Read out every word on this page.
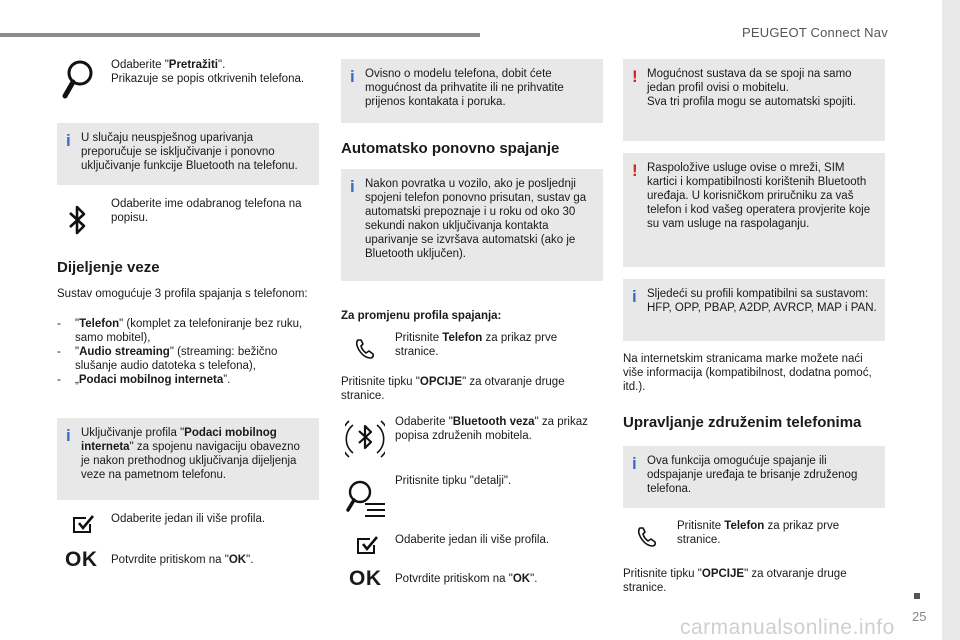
PEUGEOT Connect Nav
25
carmanualsonline.info
Odaberite "Pretražiti".
Prikazuje se popis otkrivenih telefona.
i U slučaju neuspješnog uparivanja preporučuje se isključivanje i ponovno uključivanje funkcije Bluetooth na telefonu.
Odaberite ime odabranog telefona na popisu.
Dijeljenje veze
Sustav omogućuje 3 profila spajanja s telefonom:
- "Telefon" (komplet za telefoniranje bez ruku, samo mobitel),
- "Audio streaming" (streaming: bežično slušanje audio datoteka s telefona),
- „Podaci mobilnog interneta”.
i Uključivanje profila "Podaci mobilnog interneta" za spojenu navigaciju obavezno je nakon prethodnog uključivanja dijeljenja veze na pametnom telefonu.
Odaberite jedan ili više profila.
OK Potvrdite pritiskom na "OK".
i Ovisno o modelu telefona, dobit ćete mogućnost da prihvatite ili ne prihvatite prijenos kontakata i poruka.
Automatsko ponovno spajanje
i Nakon povratka u vozilo, ako je posljednji spojeni telefon ponovno prisutan, sustav ga automatski prepoznaje i u roku od oko 30 sekundi nakon uključivanja kontakta uparivanje se izvršava automatski (ako je Bluetooth uključen).
Za promjenu profila spajanja:
Pritisnite Telefon za prikaz prve stranice.
Pritisnite tipku "OPCIJE" za otvaranje druge stranice.
Odaberite "Bluetooth veza" za prikaz popisa združenih mobitela.
Pritisnite tipku "detalji".
Odaberite jedan ili više profila.
OK Potvrdite pritiskom na "OK".
! Mogućnost sustava da se spoji na samo jedan profil ovisi o mobitelu.
Sva tri profila mogu se automatski spojiti.
! Raspoložive usluge ovise o mreži, SIM kartici i kompatibilnosti korištenih Bluetooth uređaja. U korisničkom priručniku za vaš telefon i kod vašeg operatera provjerite koje su vam usluge na raspolaganju.
i Sljedeći su profili kompatibilni sa sustavom: HFP, OPP, PBAP, A2DP, AVRCP, MAP i PAN.
Na internetskim stranicama marke možete naći više informacija (kompatibilnost, dodatna pomoć, itd.).
Upravljanje združenim telefonima
i Ova funkcija omogućuje spajanje ili odspajanje uređaja te brisanje združenog telefona.
Pritisnite Telefon za prikaz prve stranice.
Pritisnite tipku "OPCIJE" za otvaranje druge stranice.
